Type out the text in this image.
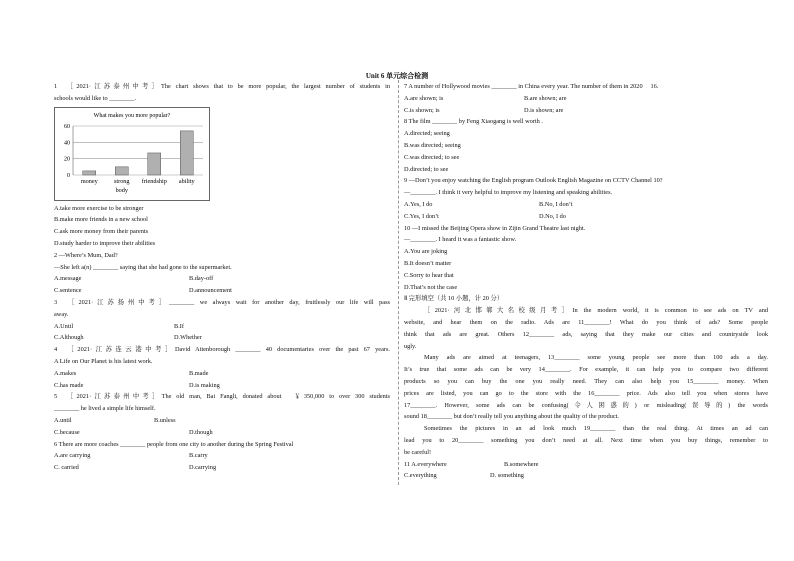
Unit 6 单元综合检测
1　［2021·江苏泰州中考］The chart shows that to be more popular, the largest number of students in
schools would like to ________.
What makes you more popular?
0
20
40
60
money	strong
body
friendship ability
A.take more exercise to be stronger
B.make more friends in a new school
C.ask more money from their parents
D.study harder to improve their abilities
2 —Where’s Mum, Dad?
—She left a(n) ________ saying that she had gone to the supermarket.
A.message	B.day-off
C.sentence	D.announcement
3　［2021·江苏扬州中考］________ we always wait for another day, fruitlessly our life will pass
away.
A.Until	B.If
C.Although	D.Whether
4　［2021·江苏连云港中考］David Attenborough ________ 40 documentaries over the past 67 years.
A Life on Our Planet is his latest work.
A.makes	B.made
C.has made	D.is making
5　［2021·江苏泰州中考］The old man, Bai Fangli, donated about　￥350,000 to over 300 students
________ he lived a simple life himself.
A.until	B.unless
C.because	D.though
6 There are more coaches ________ people from one city to another during the Spring Festival
A.are carrying	B.carry
C. carried	D.carrying
7 A number of Hollywood movies ________ in China every year. The number of them in 2020 　16.
A.are shown; is	B.are shown; are
C.is shown; is	D.is shown; are
8 The film ________ by Feng Xiaogang is well worth .
A.directed; seeing
B.was directed; seeing
C.was directed; to see
D.directed; to see
9 —Don’t you enjoy watching the English program Outlook English Magazine on CCTV Channel 10?
—________. I think it very helpful to improve my listening and speaking abilities.
A.Yes, I do	B.No, I don’t
C.Yes, I don’t	D.No, I do
10 —I missed the Beijing Opera show in Zijin Grand Theatre last night.
—________. I heard it was a fantastic show.
A.You are joking
B.It doesn’t matter
C.Sorry to hear that
D.That’s not the case
Ⅱ 完形填空（共 10 小题，计 20 分）
［2021·河北邯郸大名校级月考］In the modern world, it is common to see ads on TV and
website, and hear them on the radio. Ads are 11________! What do you think of ads? Some people
think that ads are great. Others 12________ ads, saying that they make our cities and countryside look
ugly.
Many ads are aimed at teenagers, 13________ some young people see more than 100 ads a day.
It’s true that some ads can be very 14________. For example, it can help you to compare two different
products so you can buy the one you really need. They can also help you 15________ money. When
prices are listed, you can go to the store with the 16________ price. Ads also tell you when stores have
17________. However, some ads can be confusing(令人困惑的) or misleading(误导的) the words
sound 18________ but don’t really tell you anything about the quality of the product.
Sometimes the pictures in an ad look much 19________ than the real thing. At times an ad can
lead you to 20________ something you don’t need at all. Next time when you buy things, remember to
be careful!
11 A.everywhere	B.somewhere
C.everything	D. something
